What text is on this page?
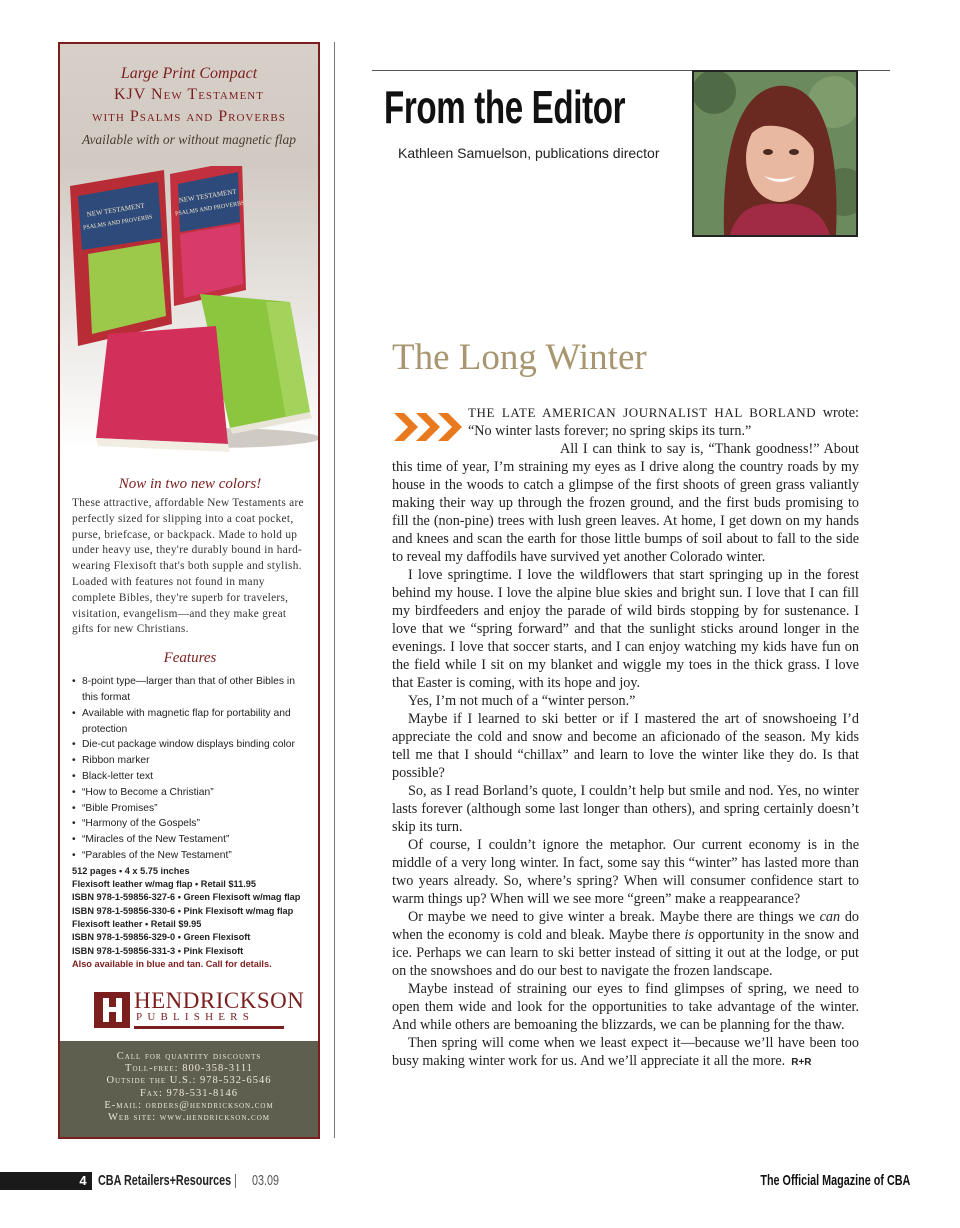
Large Print Compact
KJV New Testament
with Psalms and Proverbs
Available with or without magnetic flap
NEW TESTAMENT
PSALMS AND PROVERBS
NEW TESTAMENT
PSALMS AND PROVERBS
Now in two new colors!
These attractive, affordable New Testaments are perfectly sized for slipping into a coat pocket, purse, briefcase, or backpack. Made to hold up under heavy use, they're durably bound in hard-wearing Flexisoft that's both supple and stylish. Loaded with features not found in many complete Bibles, they're superb for travelers, visitation, evangelism—and they make great gifts for new Christians.
Features
• 8-point type—larger than that of other Bibles in this format
• Available with magnetic flap for portability and protection
• Die-cut package window displays binding color
• Ribbon marker
• Black-letter text
• “How to Become a Christian”
• “Bible Promises”
• “Harmony of the Gospels”
• “Miracles of the New Testament”
• “Parables of the New Testament”
512 pages • 4 x 5.75 inches
Flexisoft leather w/mag flap • Retail $11.95
ISBN 978-1-59856-327-6 • Green Flexisoft w/mag flap
ISBN 978-1-59856-330-6 • Pink Flexisoft w/mag flap
Flexisoft leather • Retail $9.95
ISBN 978-1-59856-329-0 • Green Flexisoft
ISBN 978-1-59856-331-3 • Pink Flexisoft
Also available in blue and tan. Call for details.
HENDRICKSON
PUBLISHERS
Call for quantity discounts
Toll-free: 800-358-3111
Outside the U.S.: 978-532-6546
Fax: 978-531-8146
E-mail: orders@hendrickson.com
Web site: www.hendrickson.com
From the Editor
Kathleen Samuelson, publications director
The Long Winter

THE LATE AMERICAN JOURNALIST HAL BORLAND wrote: “No winter lasts forever; no spring skips its turn.”

All I can think to say is, “Thank goodness!” About this time of year, I’m straining my eyes as I drive along the country roads by my house in the woods to catch a glimpse of the first shoots of green grass valiantly making their way up through the frozen ground, and the first buds promising to fill the (non-pine) trees with lush green leaves. At home, I get down on my hands and knees and scan the earth for those little bumps of soil about to fall to the side to reveal my daffodils have survived yet another Colorado winter.

I love springtime. I love the wildflowers that start springing up in the forest behind my house. I love the alpine blue skies and bright sun. I love that I can fill my birdfeeders and enjoy the parade of wild birds stopping by for sustenance. I love that we “spring forward” and that the sunlight sticks around longer in the evenings. I love that soccer starts, and I can enjoy watching my kids have fun on the field while I sit on my blanket and wiggle my toes in the thick grass. I love that Easter is coming, with its hope and joy.

Yes, I’m not much of a “winter person.”

Maybe if I learned to ski better or if I mastered the art of snowshoeing I’d appreciate the cold and snow and become an aficionado of the season. My kids tell me that I should “chillax” and learn to love the winter like they do. Is that possible?

So, as I read Borland’s quote, I couldn’t help but smile and nod. Yes, no winter lasts forever (although some last longer than others), and spring certainly doesn’t skip its turn.

Of course, I couldn’t ignore the metaphor. Our current economy is in the middle of a very long winter. In fact, some say this “winter” has lasted more than two years already. So, where’s spring? When will consumer confidence start to warm things up? When will we see more “green” make a reappearance?

Or maybe we need to give winter a break. Maybe there are things we can do when the economy is cold and bleak. Maybe there is opportunity in the snow and ice. Perhaps we can learn to ski better instead of sitting it out at the lodge, or put on the snowshoes and do our best to navigate the frozen landscape.

Maybe instead of straining our eyes to find glimpses of spring, we need to open them wide and look for the opportunities to take advantage of the winter. And while others are bemoaning the blizzards, we can be planning for the thaw.

Then spring will come when we least expect it—because we’ll have been too busy making winter work for us. And we’ll appreciate it all the more. R+R

4 CBA Retailers+Resources | 03.09	The Official Magazine of CBA
